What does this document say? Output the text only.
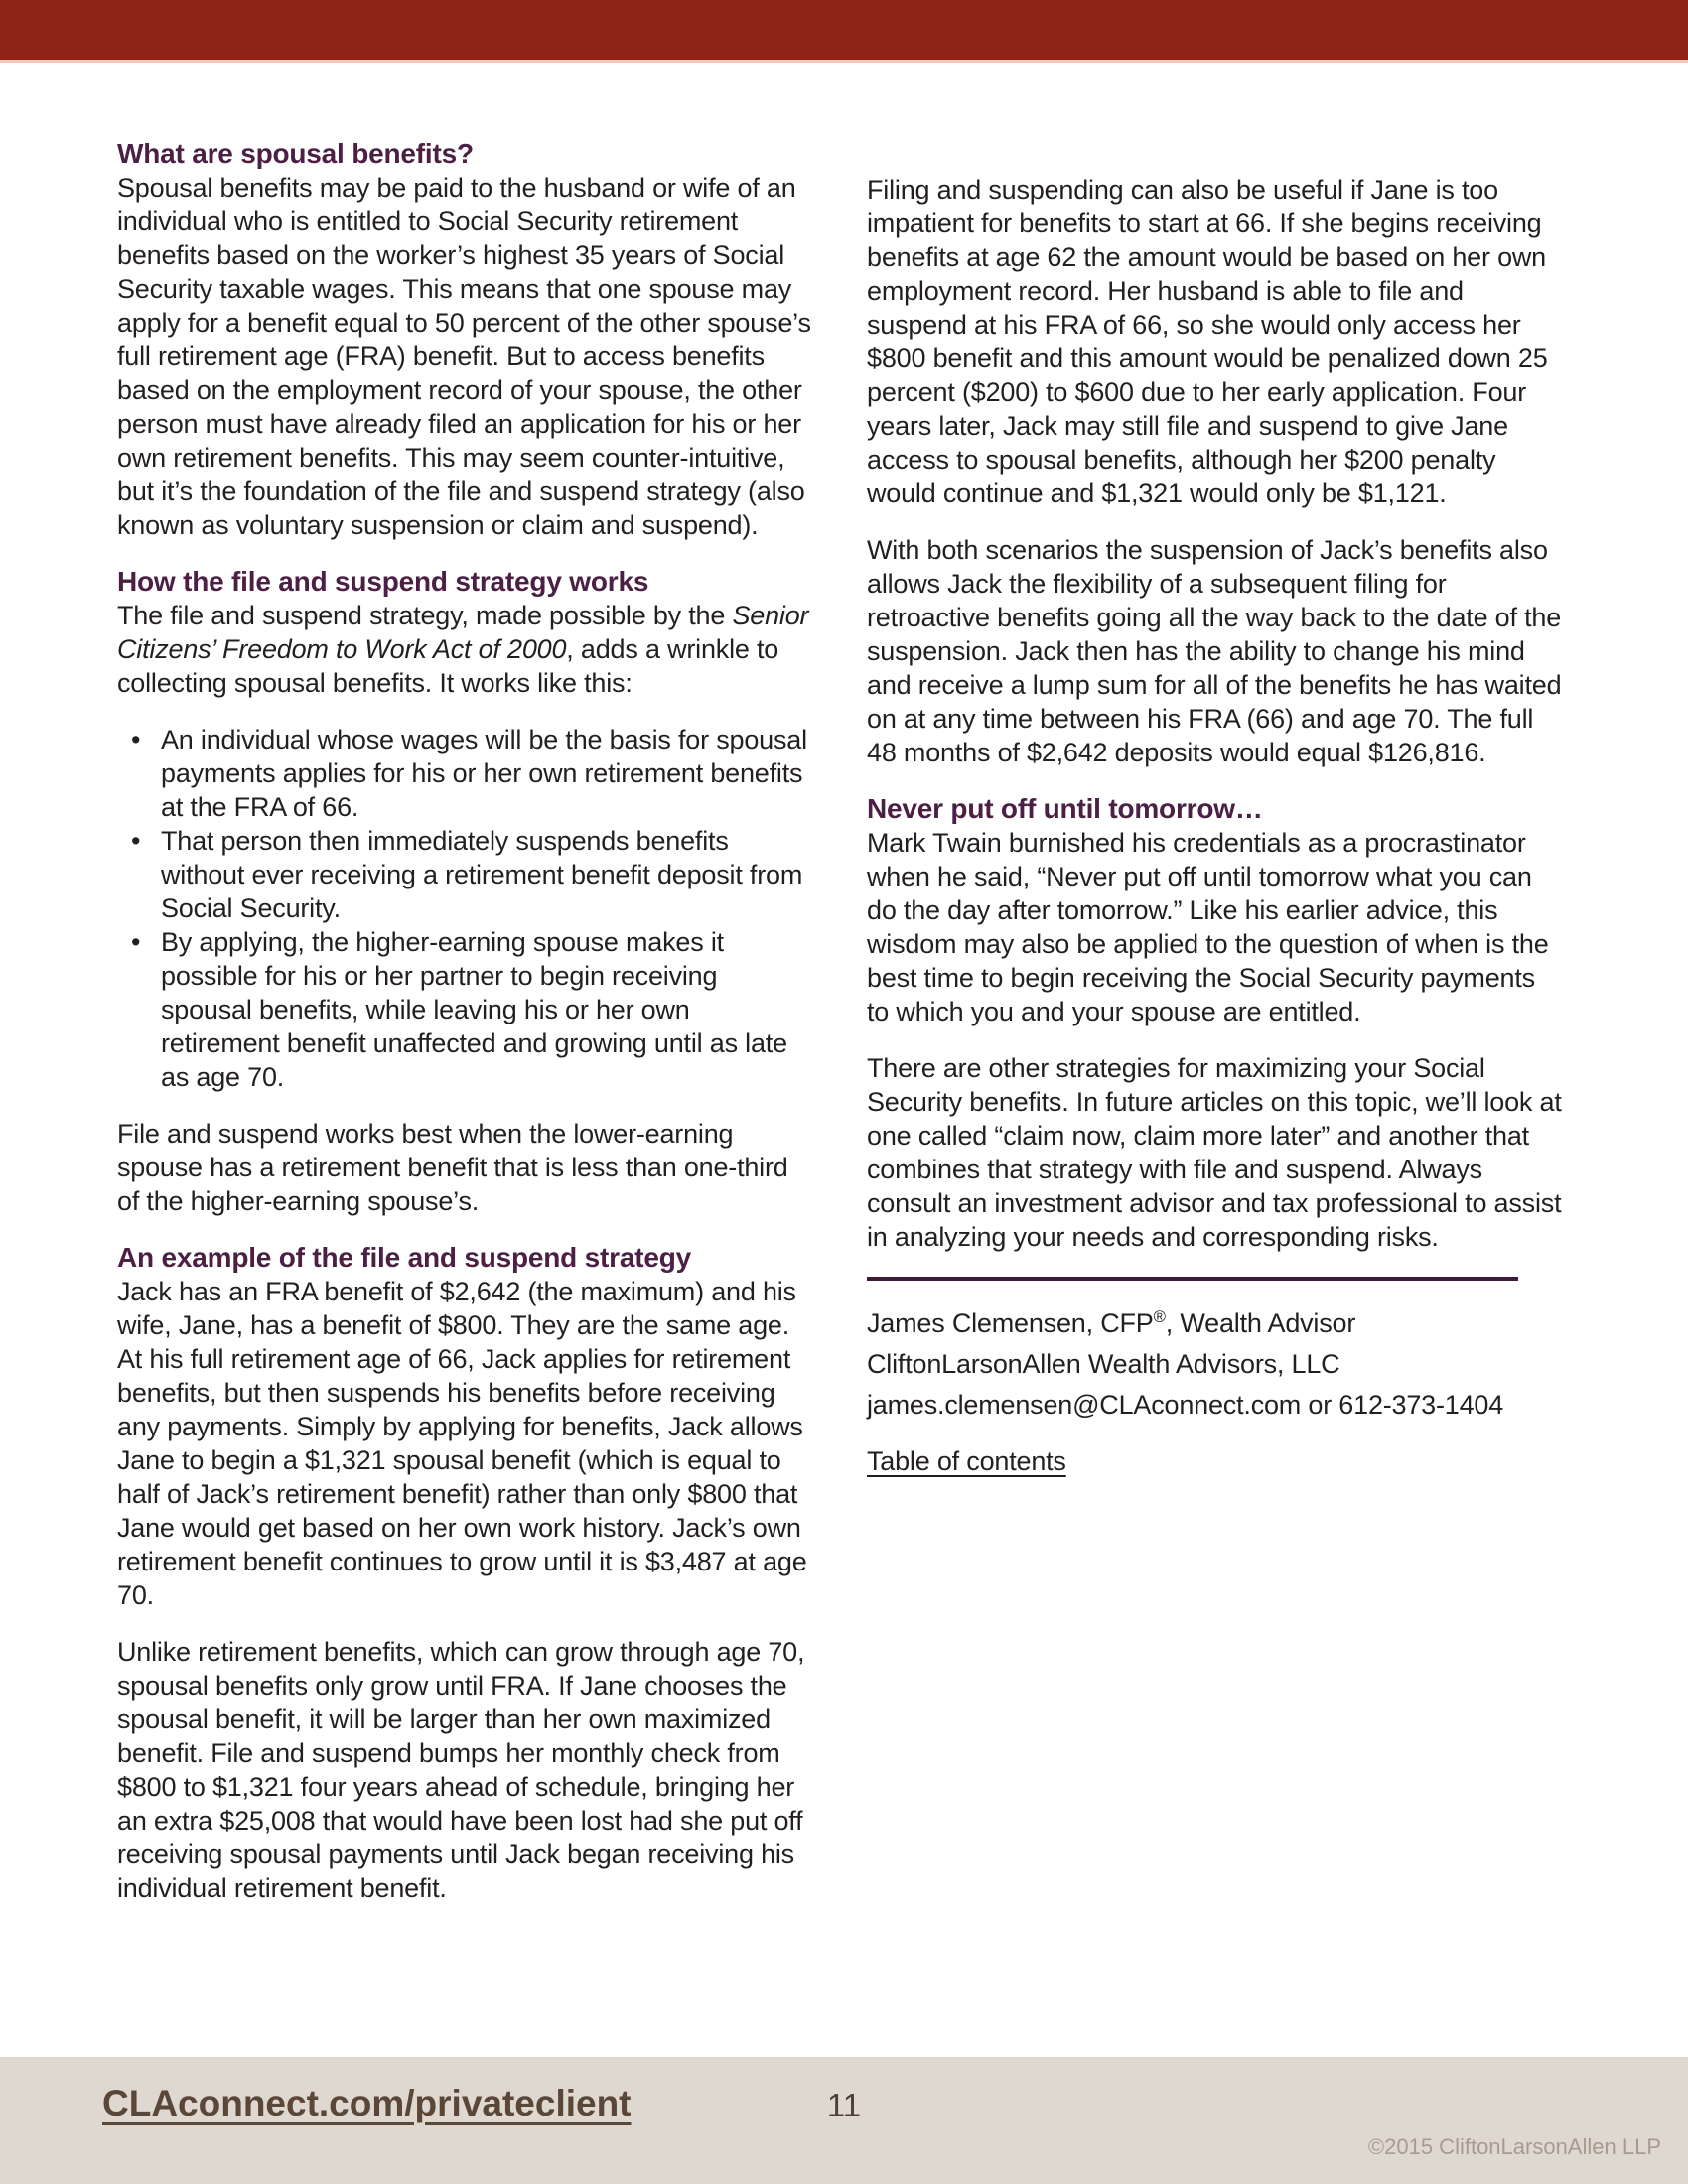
What are spousal benefits?

Spousal benefits may be paid to the husband or wife of an individual who is entitled to Social Security retirement benefits based on the worker’s highest 35 years of Social Security taxable wages. This means that one spouse may apply for a benefit equal to 50 percent of the other spouse’s full retirement age (FRA) benefit. But to access benefits based on the employment record of your spouse, the other person must have already filed an application for his or her own retirement benefits. This may seem counter-intuitive, but it’s the foundation of the file and suspend strategy (also known as voluntary suspension or claim and suspend).

How the file and suspend strategy works

The file and suspend strategy, made possible by the Senior Citizens’ Freedom to Work Act of 2000, adds a wrinkle to collecting spousal benefits. It works like this:

• An individual whose wages will be the basis for spousal payments applies for his or her own retirement benefits at the FRA of 66.
• That person then immediately suspends benefits without ever receiving a retirement benefit deposit from Social Security.
• By applying, the higher-earning spouse makes it possible for his or her partner to begin receiving spousal benefits, while leaving his or her own retirement benefit unaffected and growing until as late as age 70.

File and suspend works best when the lower-earning spouse has a retirement benefit that is less than one-third of the higher-earning spouse’s.

An example of the file and suspend strategy

Jack has an FRA benefit of $2,642 (the maximum) and his wife, Jane, has a benefit of $800. They are the same age. At his full retirement age of 66, Jack applies for retirement benefits, but then suspends his benefits before receiving any payments. Simply by applying for benefits, Jack allows Jane to begin a $1,321 spousal benefit (which is equal to half of Jack’s retirement benefit) rather than only $800 that Jane would get based on her own work history. Jack’s own retirement benefit continues to grow until it is $3,487 at age 70.

Unlike retirement benefits, which can grow through age 70, spousal benefits only grow until FRA. If Jane chooses the spousal benefit, it will be larger than her own maximized benefit. File and suspend bumps her monthly check from $800 to $1,321 four years ahead of schedule, bringing her an extra $25,008 that would have been lost had she put off receiving spousal payments until Jack began receiving his individual retirement benefit.

Filing and suspending can also be useful if Jane is too impatient for benefits to start at 66. If she begins receiving benefits at age 62 the amount would be based on her own employment record. Her husband is able to file and suspend at his FRA of 66, so she would only access her $800 benefit and this amount would be penalized down 25 percent ($200) to $600 due to her early application. Four years later, Jack may still file and suspend to give Jane access to spousal benefits, although her $200 penalty would continue and $1,321 would only be $1,121.

With both scenarios the suspension of Jack’s benefits also allows Jack the flexibility of a subsequent filing for retroactive benefits going all the way back to the date of the suspension. Jack then has the ability to change his mind and receive a lump sum for all of the benefits he has waited on at any time between his FRA (66) and age 70. The full 48 months of $2,642 deposits would equal $126,816.

Never put off until tomorrow…

Mark Twain burnished his credentials as a procrastinator when he said, “Never put off until tomorrow what you can do the day after tomorrow.” Like his earlier advice, this wisdom may also be applied to the question of when is the best time to begin receiving the Social Security payments to which you and your spouse are entitled.

There are other strategies for maximizing your Social Security benefits. In future articles on this topic, we’ll look at one called “claim now, claim more later” and another that combines that strategy with file and suspend. Always consult an investment advisor and tax professional to assist in analyzing your needs and corresponding risks.

James Clemensen, CFP®, Wealth Advisor

CliftonLarsonAllen Wealth Advisors, LLC

james.clemensen@CLAconnect.com or 612-373-1404

Table of contents
CLAconnect.com/privateclient	11
©2015 CliftonLarsonAllen LLP
